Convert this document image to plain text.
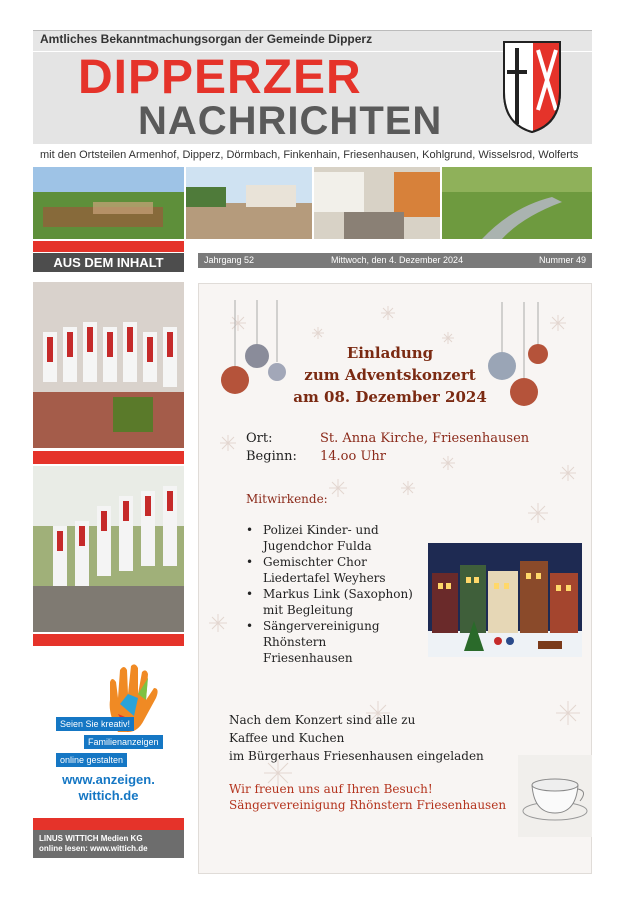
Amtliches Bekanntmachungsorgan der Gemeinde Dipperz
DIPPERZER
NACHRICHTEN
mit den Ortsteilen Armenhof, Dipperz, Dörmbach, Finkenhain, Friesenhausen, Kohlgrund, Wisselsrod, Wolferts
AUS DEM INHALT	Jahrgang 52	Mittwoch, den 4. Dezember 2024	Nummer 49
Seien Sie kreativ!
Familienanzeigen
online gestalten
www.anzeigen.
wittich.de
LINUS WITTICH Medien KG
online lesen: www.wittich.de
Einladung
zum Adventskonzert
am 08. Dezember 2024
Ort:	St. Anna Kirche, Friesenhausen
Beginn: 14.oo Uhr
Mitwirkende:
• Polizei Kinder- und Jugendchor Fulda
• Gemischter Chor Liedertafel Weyhers
• Markus Link (Saxophon) mit Begleitung
• Sängervereinigung Rhönstern Friesenhausen
Nach dem Konzert sind alle zu
Kaffee und Kuchen
im Bürgerhaus Friesenhausen eingeladen
Wir freuen uns auf Ihren Besuch!
Sängervereinigung Rhönstern Friesenhausen
